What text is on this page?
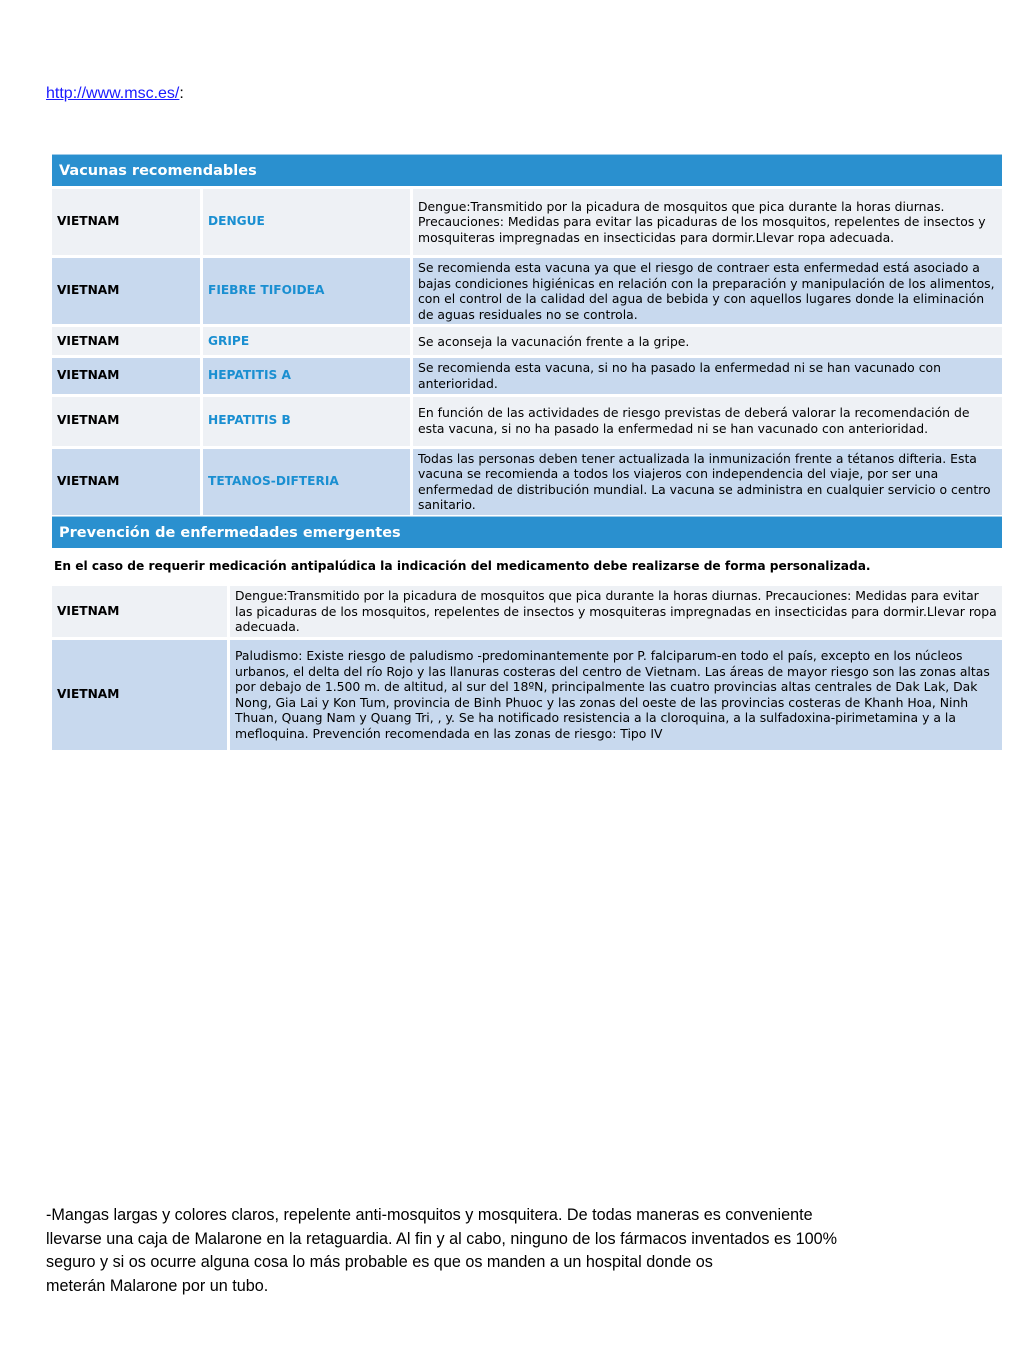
http://www.msc.es/:
Vacunas recomendables
VIETNAM	DENGUE	Dengue:Transmitido por la picadura de mosquitos que pica durante la horas diurnas. Precauciones: Medidas para evitar las picaduras de los mosquitos, repelentes de insectos y mosquiteras impregnadas en insecticidas para dormir.Llevar ropa adecuada.
VIETNAM	FIEBRE TIFOIDEA	Se recomienda esta vacuna ya que el riesgo de contraer esta enfermedad está asociado a bajas condiciones higiénicas en relación con la preparación y manipulación de los alimentos, con el control de la calidad del agua de bebida y con aquellos lugares donde la eliminación de aguas residuales no se controla.
VIETNAM	GRIPE	Se aconseja la vacunación frente a la gripe.
VIETNAM	HEPATITIS A	Se recomienda esta vacuna, si no ha pasado la enfermedad ni se han vacunado con anterioridad.
VIETNAM	HEPATITIS B	En función de las actividades de riesgo previstas de deberá valorar la recomendación de esta vacuna, si no ha pasado la enfermedad ni se han vacunado con anterioridad.
VIETNAM	TETANOS-DIFTERIA	Todas las personas deben tener actualizada la inmunización frente a tétanos difteria. Esta vacuna se recomienda a todos los viajeros con independencia del viaje, por ser una enfermedad de distribución mundial. La vacuna se administra en cualquier servicio o centro sanitario.
Prevención de enfermedades emergentes
En el caso de requerir medicación antipalúdica la indicación del medicamento debe realizarse de forma personalizada.
VIETNAM	Dengue:Transmitido por la picadura de mosquitos que pica durante la horas diurnas. Precauciones: Medidas para evitar las picaduras de los mosquitos, repelentes de insectos y mosquiteras impregnadas en insecticidas para dormir.Llevar ropa adecuada.
VIETNAM	Paludismo: Existe riesgo de paludismo -predominantemente por P. falciparum-en todo el país, excepto en los núcleos urbanos, el delta del río Rojo y las llanuras costeras del centro de Vietnam. Las áreas de mayor riesgo son las zonas altas por debajo de 1.500 m. de altitud, al sur del 18ºN, principalmente las cuatro provincias altas centrales de Dak Lak, Dak Nong, Gia Lai y Kon Tum, provincia de Binh Phuoc y las zonas del oeste de las provincias costeras de Khanh Hoa, Ninh Thuan, Quang Nam y Quang Tri, , y. Se ha notificado resistencia a la cloroquina, a la sulfadoxina-pirimetamina y a la mefloquina. Prevención recomendada en las zonas de riesgo: Tipo IV

-Mangas largas y colores claros, repelente anti-mosquitos y mosquitera. De todas maneras es conveniente

llevarse una caja de Malarone en la retaguardia. Al fin y al cabo, ninguno de los fármacos inventados es 100%

seguro y si os ocurre alguna cosa lo más probable es que os manden a un hospital donde os

meterán Malarone por un tubo.
